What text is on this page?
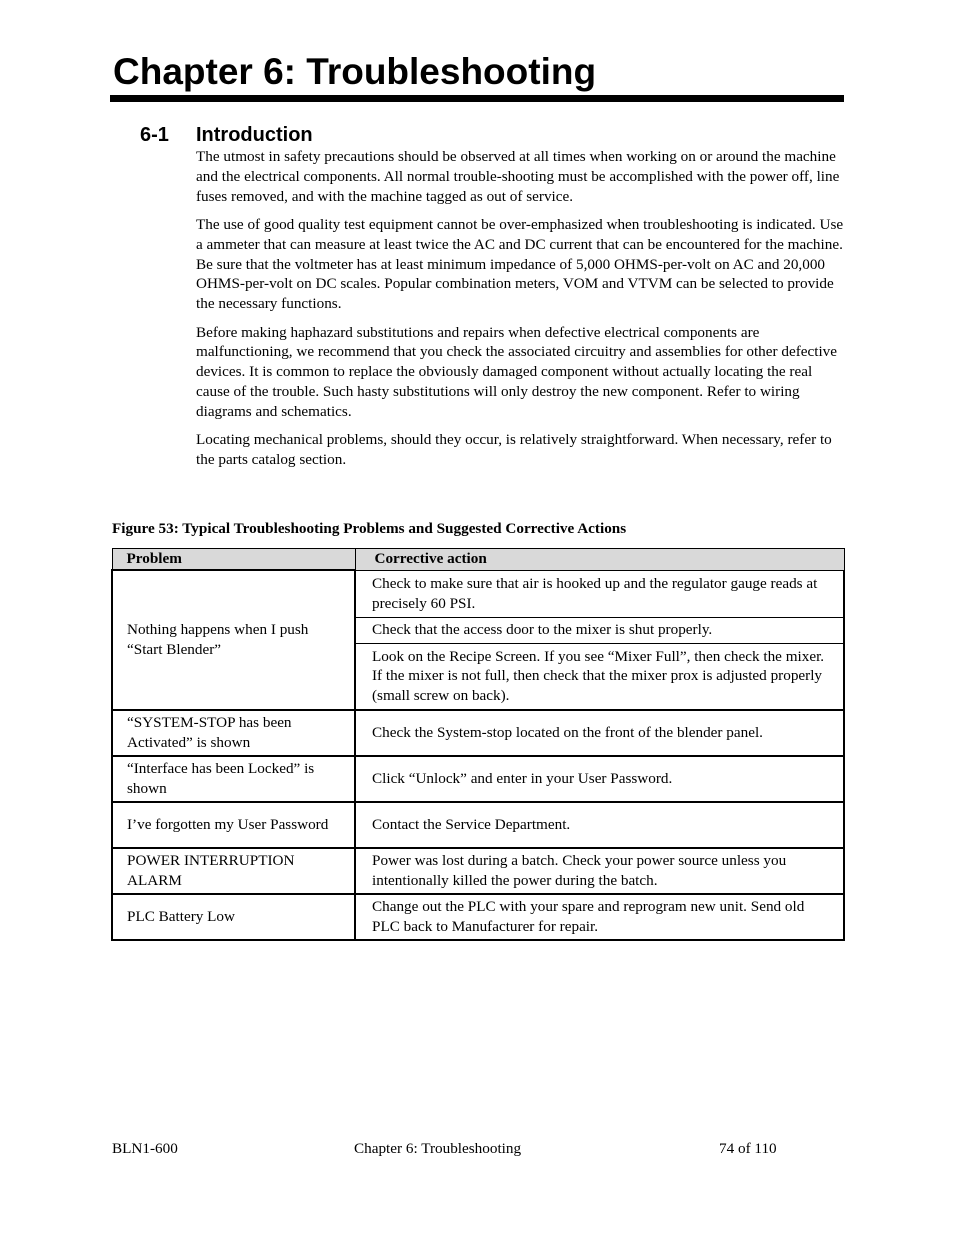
Chapter 6: Troubleshooting
6-1 Introduction

The utmost in safety precautions should be observed at all times when working on or around the machine and the electrical components. All normal trouble-shooting must be accomplished with the power off, line fuses removed, and with the machine tagged as out of service.

The use of good quality test equipment cannot be over-emphasized when troubleshooting is indicated. Use a ammeter that can measure at least twice the AC and DC current that can be encountered for the machine. Be sure that the voltmeter has at least minimum impedance of 5,000 OHMS-per-volt on AC and 20,000 OHMS-per-volt on DC scales. Popular combination meters, VOM and VTVM can be selected to provide the necessary functions.

Before making haphazard substitutions and repairs when defective electrical components are malfunctioning, we recommend that you check the associated circuitry and assemblies for other defective devices. It is common to replace the obviously damaged component without actually locating the real cause of the trouble. Such hasty substitutions will only destroy the new component. Refer to wiring diagrams and schematics.

Locating mechanical problems, should they occur, is relatively straightforward. When necessary, refer to the parts catalog section.

Figure 53: Typical Troubleshooting Problems and Suggested Corrective Actions

Problem	Corrective action
Nothing happens when I push “Start Blender”	Check to make sure that air is hooked up and the regulator gauge reads at precisely 60 PSI.
	Check that the access door to the mixer is shut properly.
	Look on the Recipe Screen. If you see “Mixer Full”, then check the mixer. If the mixer is not full, then check that the mixer prox is adjusted properly (small screw on back).
“SYSTEM-STOP has been Activated” is shown	Check the System-stop located on the front of the blender panel.
“Interface has been Locked” is shown	Click “Unlock” and enter in your User Password.
I’ve forgotten my User Password	Contact the Service Department.
POWER INTERRUPTION ALARM	Power was lost during a batch. Check your power source unless you intentionally killed the power during the batch.
PLC Battery Low	Change out the PLC with your spare and reprogram new unit. Send old PLC back to Manufacturer for repair.
BLN1-600	Chapter 6: Troubleshooting	74 of 110
